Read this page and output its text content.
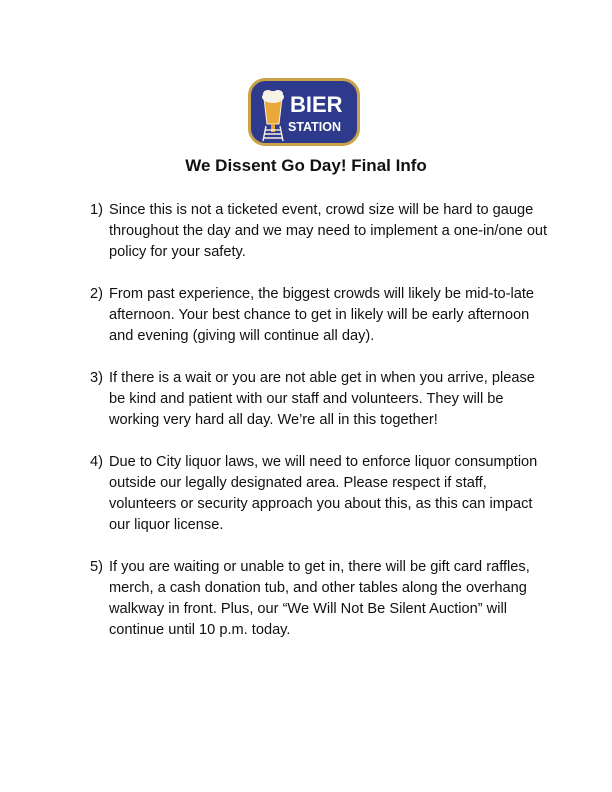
BIER
STATION
We Dissent Go Day! Final Info
1) Since this is not a ticketed event, crowd size will be hard to gauge throughout the day and we may need to implement a one-in/one out policy for your safety.
2) From past experience, the biggest crowds will likely be mid-to-late afternoon. Your best chance to get in likely will be early afternoon and evening (giving will continue all day).
3) If there is a wait or you are not able get in when you arrive, please be kind and patient with our staff and volunteers. They will be working very hard all day. We’re all in this together!
4) Due to City liquor laws, we will need to enforce liquor consumption outside our legally designated area. Please respect if staff, volunteers or security approach you about this, as this can impact our liquor license.
5) If you are waiting or unable to get in, there will be gift card raffles, merch, a cash donation tub, and other tables along the overhang walkway in front. Plus, our “We Will Not Be Silent Auction” will continue until 10 p.m. today.
